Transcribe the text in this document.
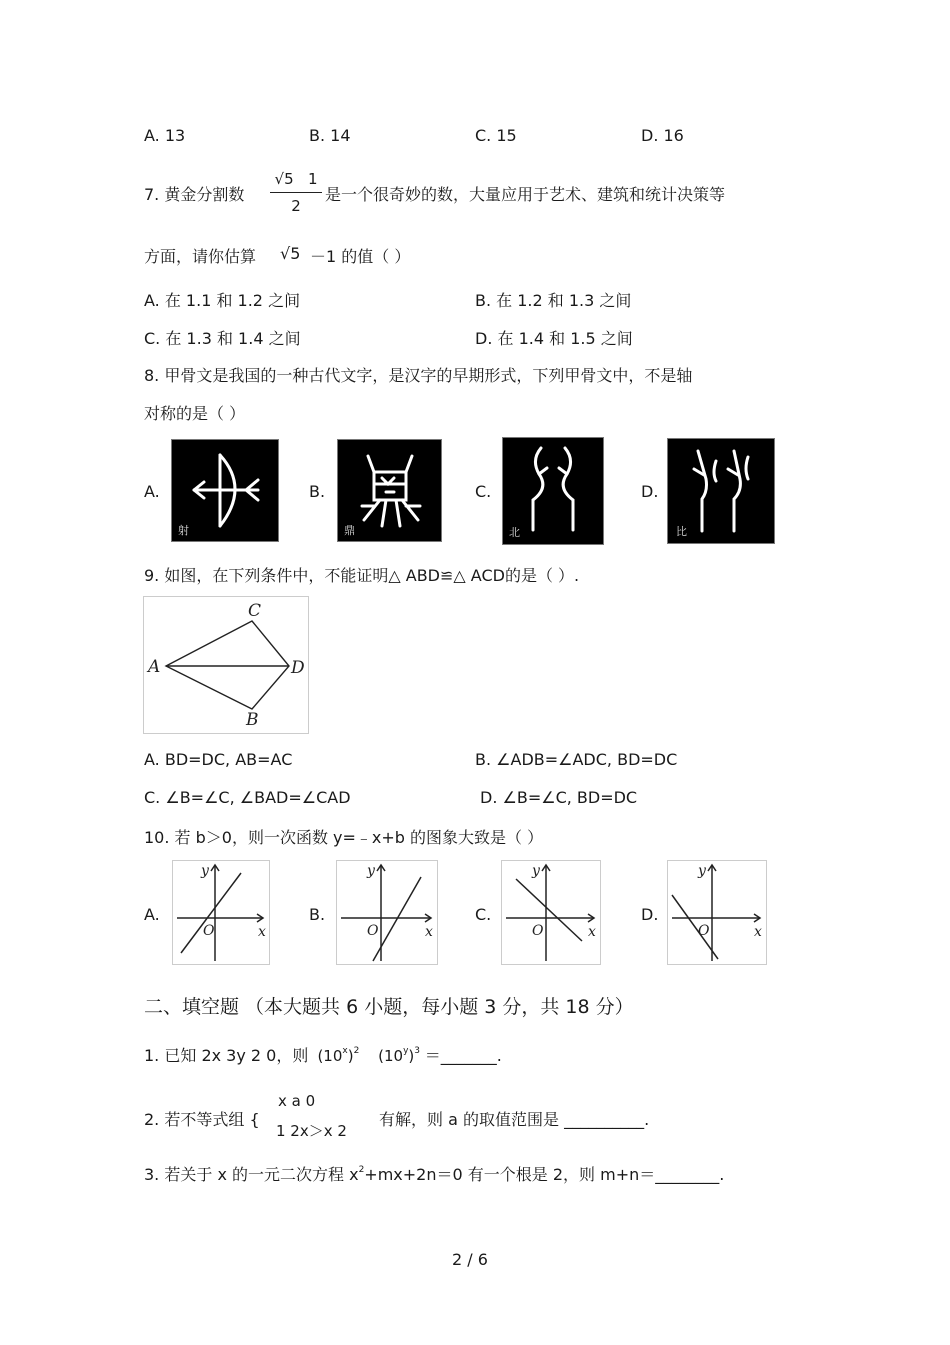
A. 13	B. 14	C. 15	D. 16
7. 黄金分割数
√5 1
2
是一个很奇妙的数，大量应用于艺术、建筑和统计决策等
方面，请你估算 √5 －1 的值（ ）
A. 在 1.1 和 1.2 之间	B. 在 1.2 和 1.3 之间
C. 在 1.3 和 1.4 之间	D. 在 1.4 和 1.5 之间
8. 甲骨文是我国的一种古代文字，是汉字的早期形式，下列甲骨文中，不是轴
对称的是（ ）
A.
射
B.
鼎
C.
北
D.
比
9. 如图，在下列条件中，不能证明△ ABD≌△ ACD的是（ ）.
A
C
D
B
A. BD=DC, AB=AC	B. ∠ADB=∠ADC, BD=DC
C. ∠B=∠C, ∠BAD=∠CAD	D. ∠B=∠C, BD=DC
10. 若 b＞0，则一次函数 y=﹣x+b 的图象大致是（ ）
A.
y
x
O
B.
y
x
O
C.
y
x
O
D.
y
x
O
二、填空题 （本大题共 6 小题，每小题 3 分，共 18 分）
1. 已知 2x 3y 2 0，则 $(10^x)^2$ $(10^y)^3$ ＝_______.
2. 若不等式组 {
x a 0
1 2x＞x 2
有解，则 a 的取值范围是 __________.
3. 若关于 x 的一元二次方程 $x^2+mx+2n=0$ 有一个根是 2，则 m+n＝________.
2 / 6
